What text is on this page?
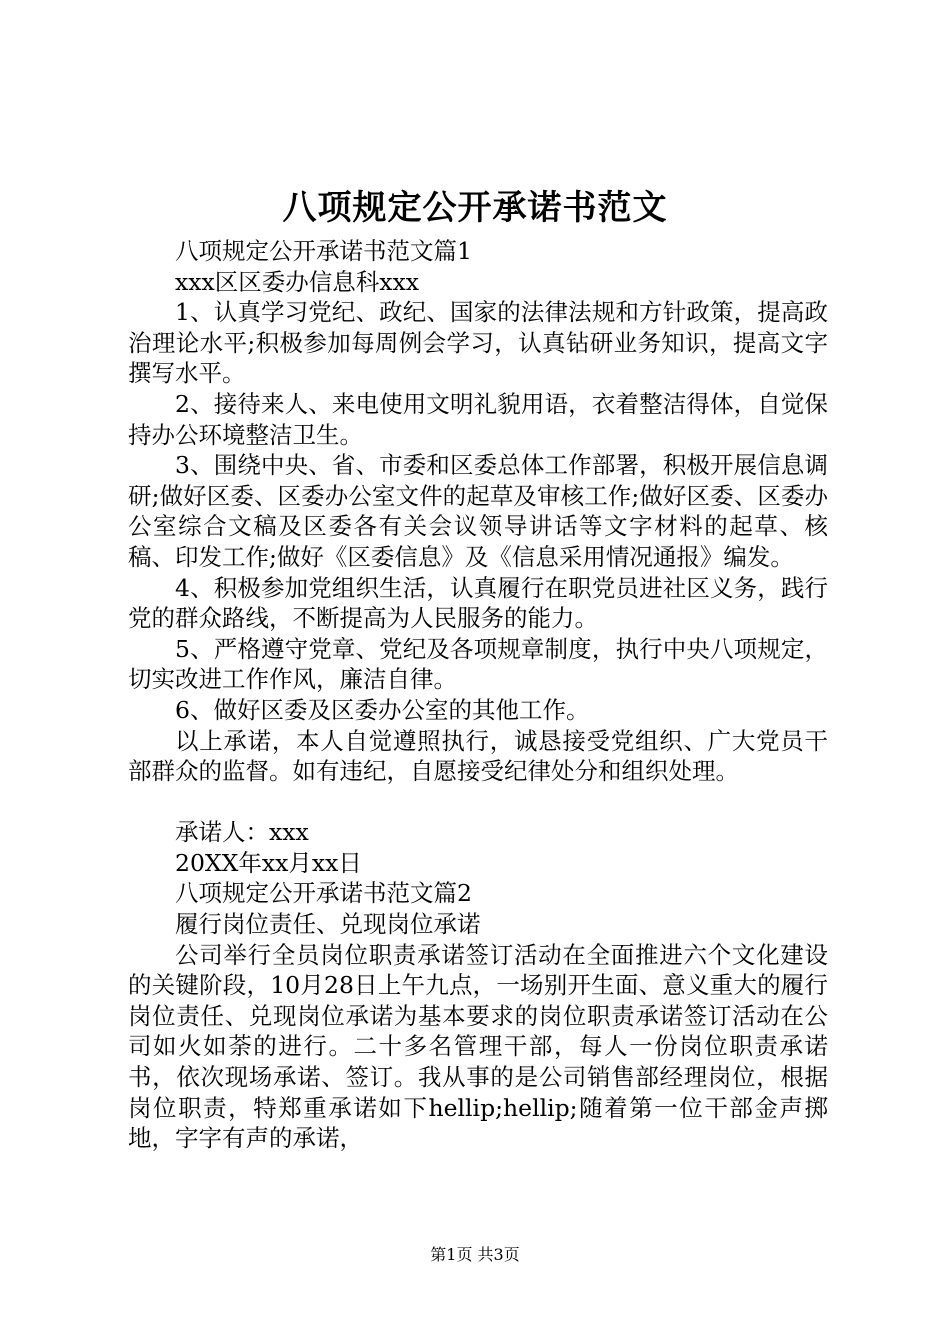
八项规定公开承诺书范文

八项规定公开承诺书范文篇1

xxx区区委办信息科xxx

1、认真学习党纪、政纪、国家的法律法规和方针政策，提高政治理论水平;积极参加每周例会学习，认真钻研业务知识，提高文字撰写水平。

2、接待来人、来电使用文明礼貌用语，衣着整洁得体，自觉保持办公环境整洁卫生。

3、围绕中央、省、市委和区委总体工作部署，积极开展信息调研;做好区委、区委办公室文件的起草及审核工作;做好区委、区委办公室综合文稿及区委各有关会议领导讲话等文字材料的起草、核稿、印发工作;做好《区委信息》及《信息采用情况通报》编发。

4、积极参加党组织生活，认真履行在职党员进社区义务，践行党的群众路线，不断提高为人民服务的能力。

5、严格遵守党章、党纪及各项规章制度，执行中央八项规定，切实改进工作作风，廉洁自律。

6、做好区委及区委办公室的其他工作。

以上承诺，本人自觉遵照执行，诚恳接受党组织、广大党员干部群众的监督。如有违纪，自愿接受纪律处分和组织处理。

承诺人：xxx

20XX年xx月xx日

八项规定公开承诺书范文篇2

履行岗位责任、兑现岗位承诺

公司举行全员岗位职责承诺签订活动在全面推进六个文化建设的关键阶段，10月28日上午九点，一场别开生面、意义重大的履行岗位责任、兑现岗位承诺为基本要求的岗位职责承诺签订活动在公司如火如荼的进行。二十多名管理干部，每人一份岗位职责承诺书，依次现场承诺、签订。我从事的是公司销售部经理岗位，根据岗位职责，特郑重承诺如下hellip;hellip;随着第一位干部金声掷地，字字有声的承诺，

第1页 共3页
